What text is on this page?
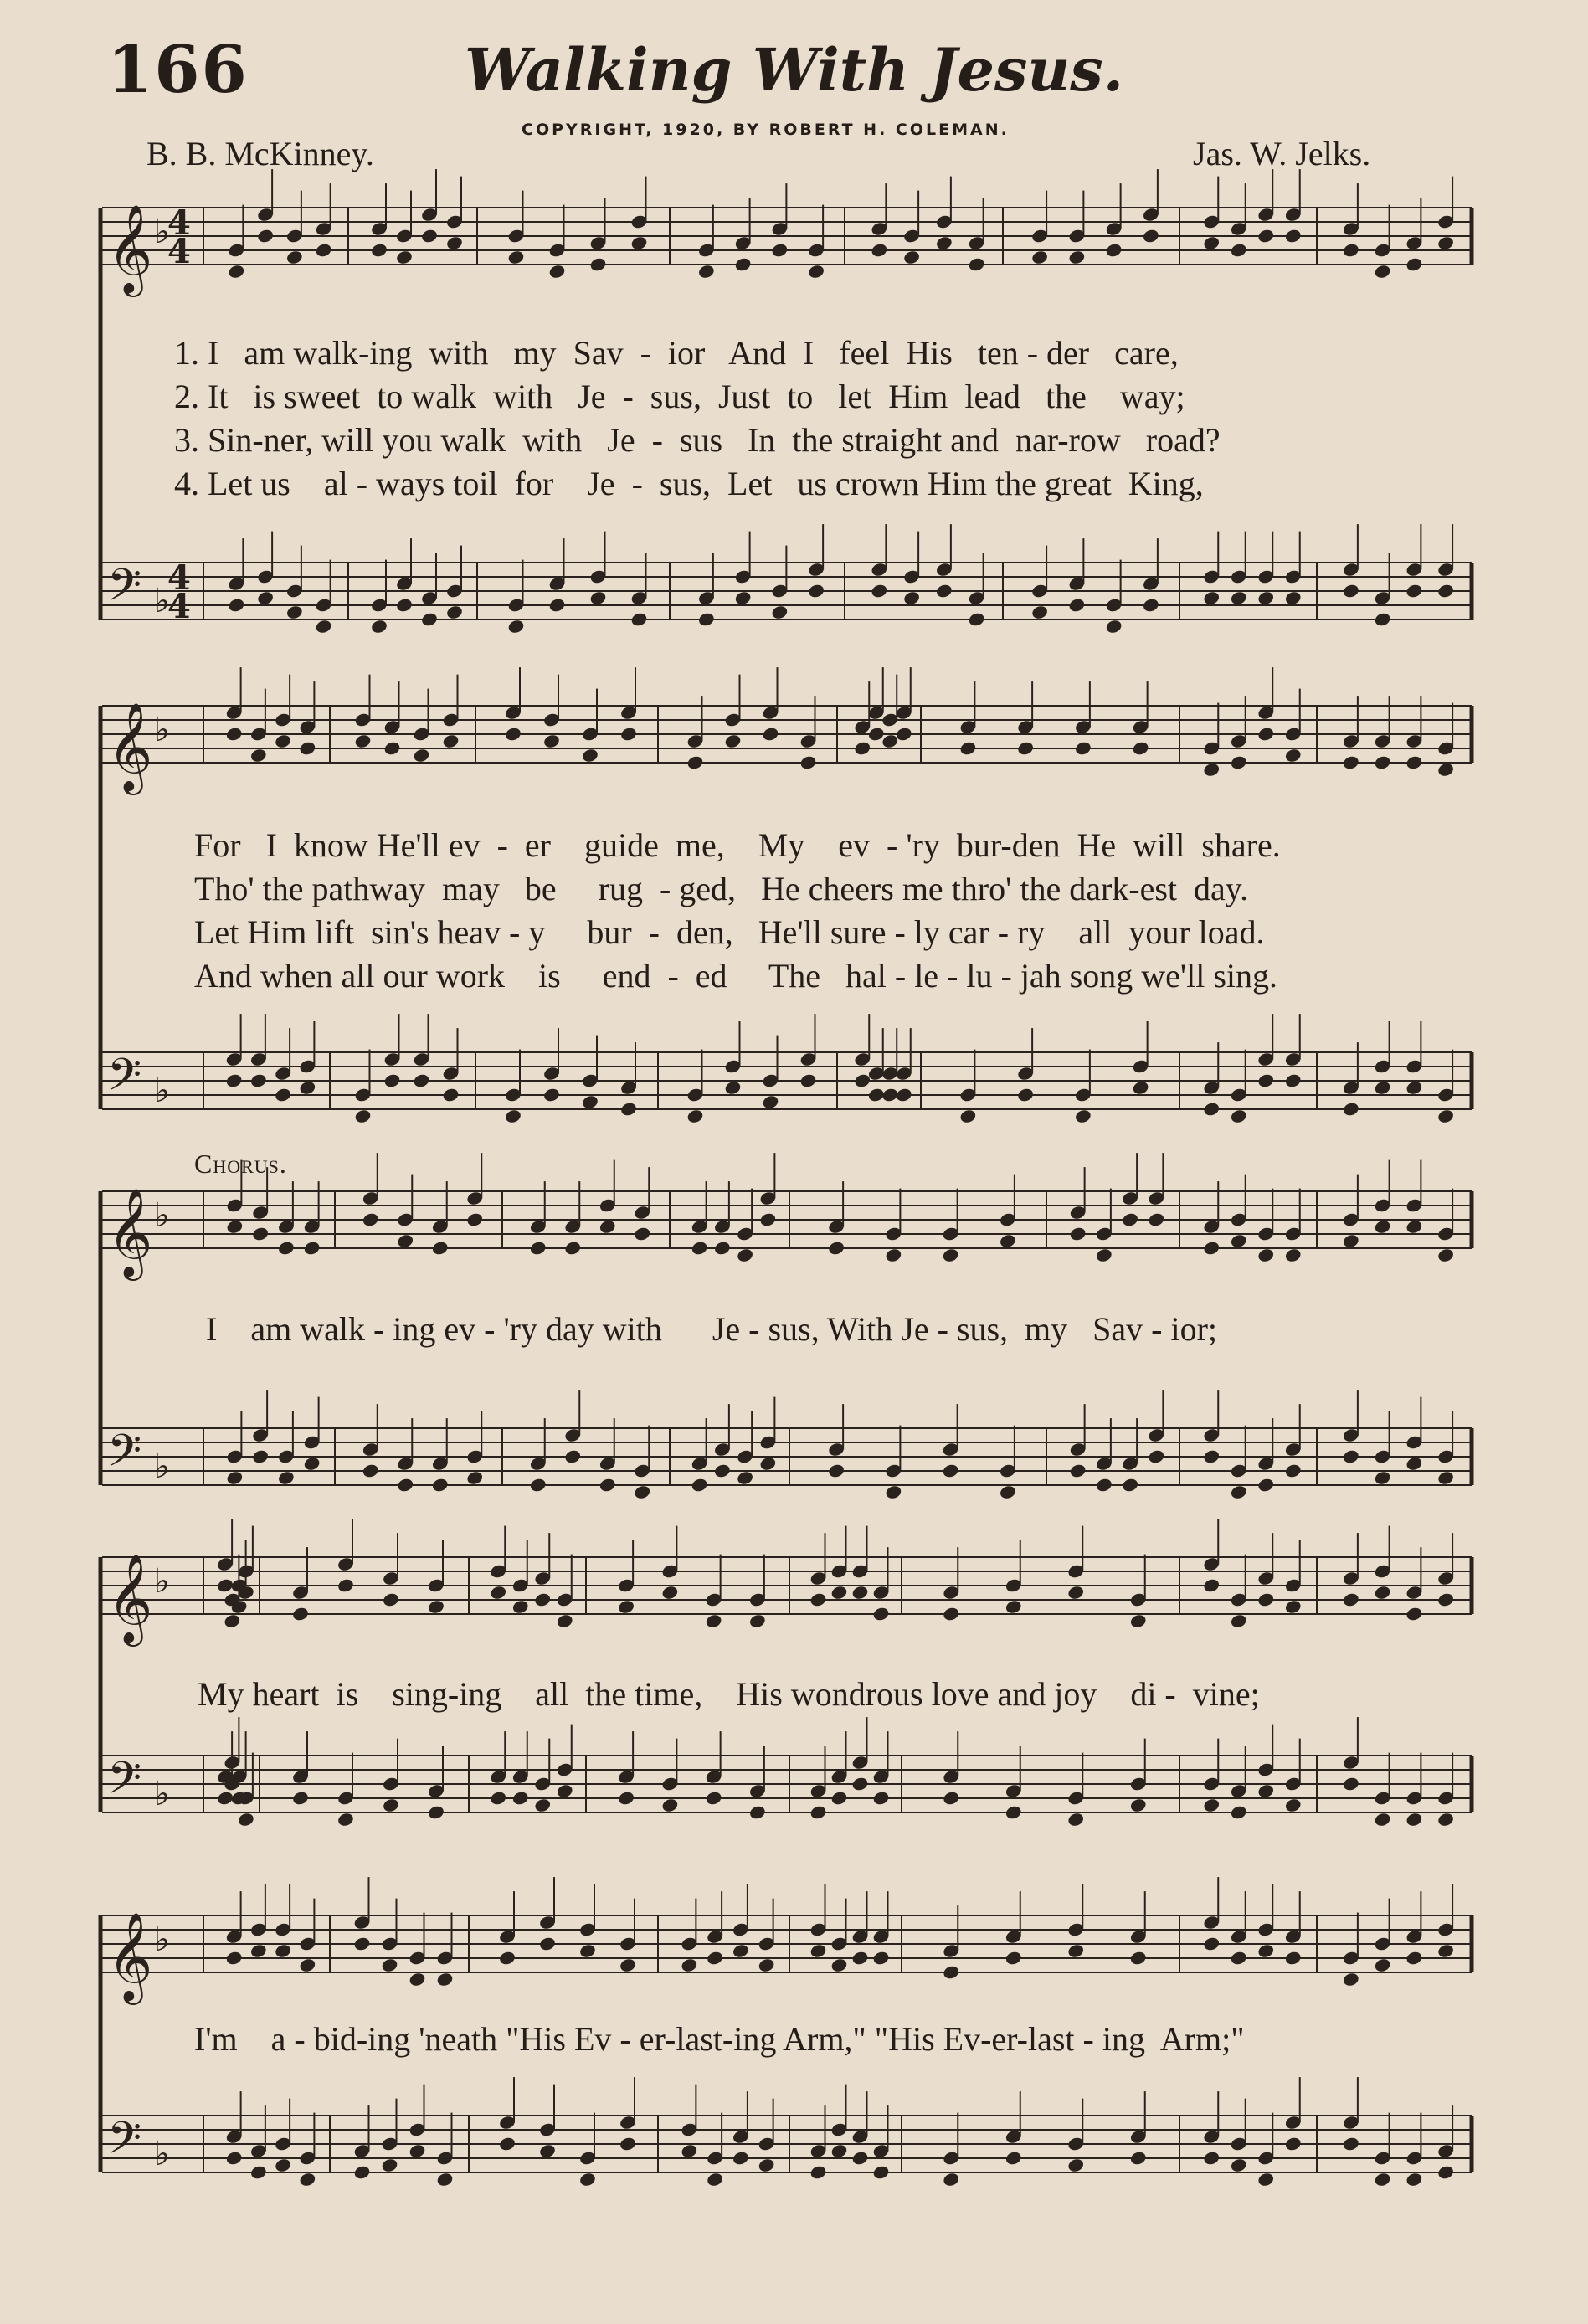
166	Walking With Jesus.
COPYRIGHT, 1920, BY ROBERT H. COLEMAN.
B. B. McKinney.	Jas. W. Jelks.
𝄞 ♭
𝄢 ♭
𝄞 ♭
𝄢 ♭
𝄞 ♭
𝄢 ♭
𝄞 ♭
𝄢 ♭
𝄞 ♭
𝄢 ♭
4
4
4
4
1. I   am walk-ing  with   my  Sav  -  ior   And  I   feel  His   ten - der   care,
2. It   is sweet  to walk  with   Je  -  sus,  Just  to   let  Him  lead   the    way;
3. Sin-ner, will you walk  with   Je  -  sus   In  the straight and  nar-row   road?
4. Let us    al - ways toil  for    Je  -  sus,  Let   us crown Him the great  King,
For   I  know He'll ev  -  er    guide  me,    My    ev  - 'ry  bur-den  He  will  share.
Tho' the pathway  may   be     rug  - ged,   He cheers me thro' the dark-est  day.
Let Him lift  sin's heav - y     bur  -  den,   He'll sure - ly car - ry    all  your load.
And when all our work    is     end  -  ed     The   hal - le - lu - jah song we'll sing.
Chorus.
I    am walk - ing ev - 'ry day with      Je - sus, With Je - sus,  my   Sav - ior;
My heart  is    sing-ing    all  the time,    His wondrous love and joy    di -  vine;
I'm    a - bid-ing 'neath "His Ev - er-last-ing Arm," "His Ev-er-last - ing  Arm;"
